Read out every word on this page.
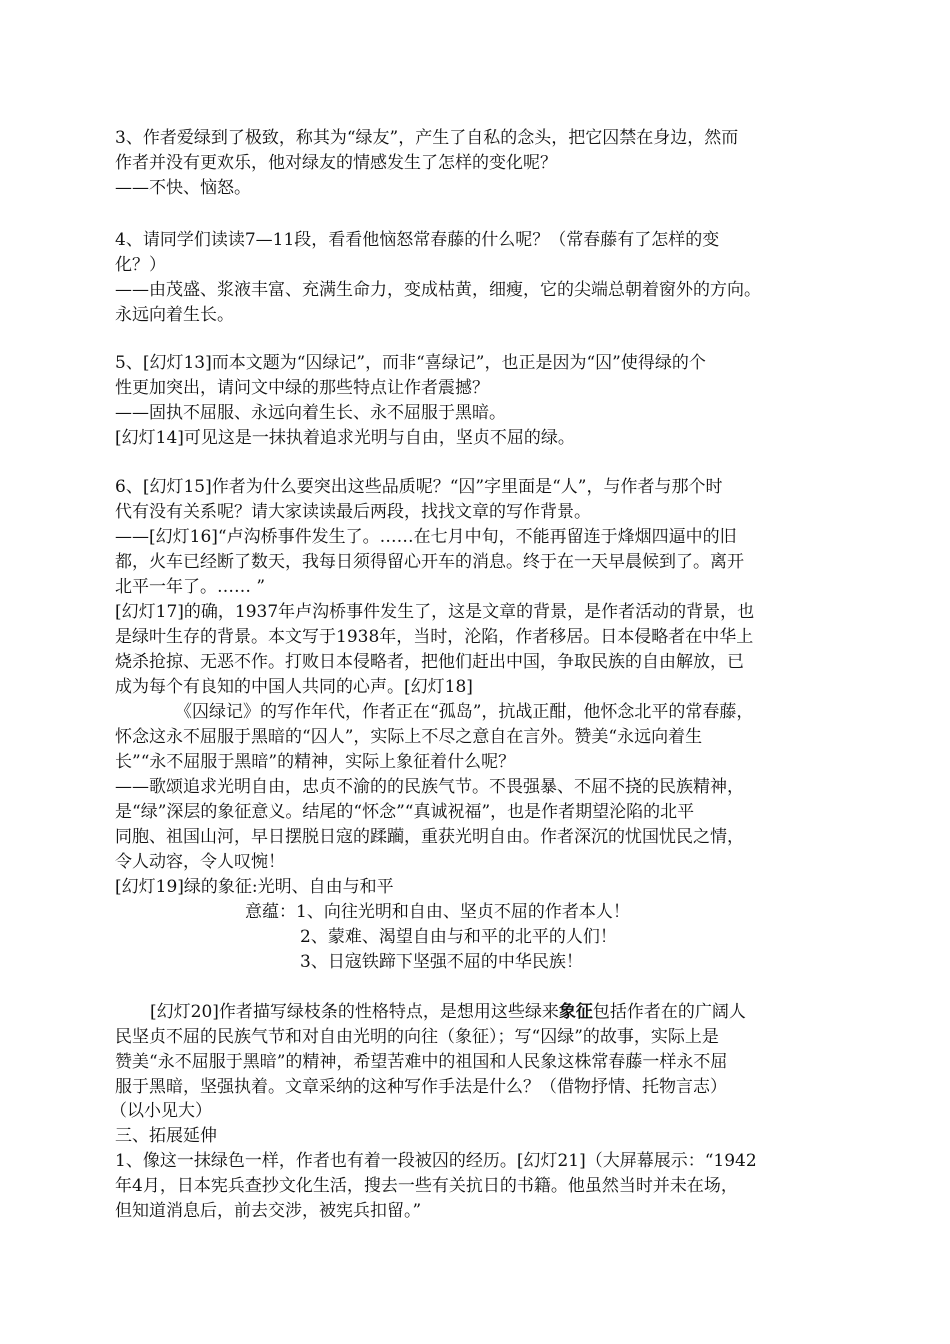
3、作者爱绿到了极致，称其为“绿友”，产生了自私的念头，把它囚禁在身边，然而
作者并没有更欢乐，他对绿友的情感发生了怎样的变化呢？
——不快、恼怒。
4、请同学们读读7—11段，看看他恼怒常春藤的什么呢？（常春藤有了怎样的变
化？）
——由茂盛、浆液丰富、充满生命力，变成枯黄，细瘦，它的尖端总朝着窗外的方向。
永远向着生长。
5、[幻灯13]而本文题为“囚绿记”，而非“喜绿记”，也正是因为“囚”使得绿的个
性更加突出，请问文中绿的那些特点让作者震撼？
——固执不屈服、永远向着生长、永不屈服于黑暗。
[幻灯14]可见这是一抹执着追求光明与自由，坚贞不屈的绿。
6、[幻灯15]作者为什么要突出这些品质呢？“囚”字里面是“人”，与作者与那个时
代有没有关系呢？请大家读读最后两段，找找文章的写作背景。
——[幻灯16]“卢沟桥事件发生了。……在七月中旬，不能再留连于烽烟四逼中的旧
都，火车已经断了数天，我每日须得留心开车的消息。终于在一天早晨候到了。离开
北平一年了。…… ”
[幻灯17]的确，1937年卢沟桥事件发生了，这是文章的背景，是作者活动的背景，也
是绿叶生存的背景。本文写于1938年，当时，沦陷，作者移居。日本侵略者在中华上
烧杀抢掠、无恶不作。打败日本侵略者，把他们赶出中国，争取民族的自由解放，已
成为每个有良知的中国人共同的心声。[幻灯18]
《囚绿记》的写作年代，作者正在“孤岛”，抗战正酣，他怀念北平的常春藤，
怀念这永不屈服于黑暗的“囚人”，实际上不尽之意自在言外。赞美“永远向着生
长”“永不屈服于黑暗”的精神，实际上象征着什么呢？
——歌颂追求光明自由，忠贞不渝的的民族气节。不畏强暴、不屈不挠的民族精神，
是“绿”深层的象征意义。结尾的“怀念”“真诚祝福”，也是作者期望沦陷的北平
同胞、祖国山河，早日摆脱日寇的蹂躏，重获光明自由。作者深沉的忧国忧民之情，
令人动容，令人叹惋！
[幻灯19]绿的象征:光明、自由与和平
意蕴：1、向往光明和自由、坚贞不屈的作者本人！
2、蒙难、渴望自由与和平的北平的人们！
3、日寇铁蹄下坚强不屈的中华民族！
[幻灯20]作者描写绿枝条的性格特点，是想用这些绿来象征包括作者在的广阔人
民坚贞不屈的民族气节和对自由光明的向往（象征）；写“囚绿”的故事，实际上是
赞美“永不屈服于黑暗”的精神，希望苦难中的祖国和人民象这株常春藤一样永不屈
服于黑暗，坚强执着。文章采纳的这种写作手法是什么？（借物抒情、托物言志）
（以小见大）
三、拓展延伸
1、像这一抹绿色一样，作者也有着一段被囚的经历。[幻灯21]（大屏幕展示：“1942
年4月，日本宪兵查抄文化生活，搜去一些有关抗日的书籍。他虽然当时并未在场，
但知道消息后，前去交涉，被宪兵扣留。”
